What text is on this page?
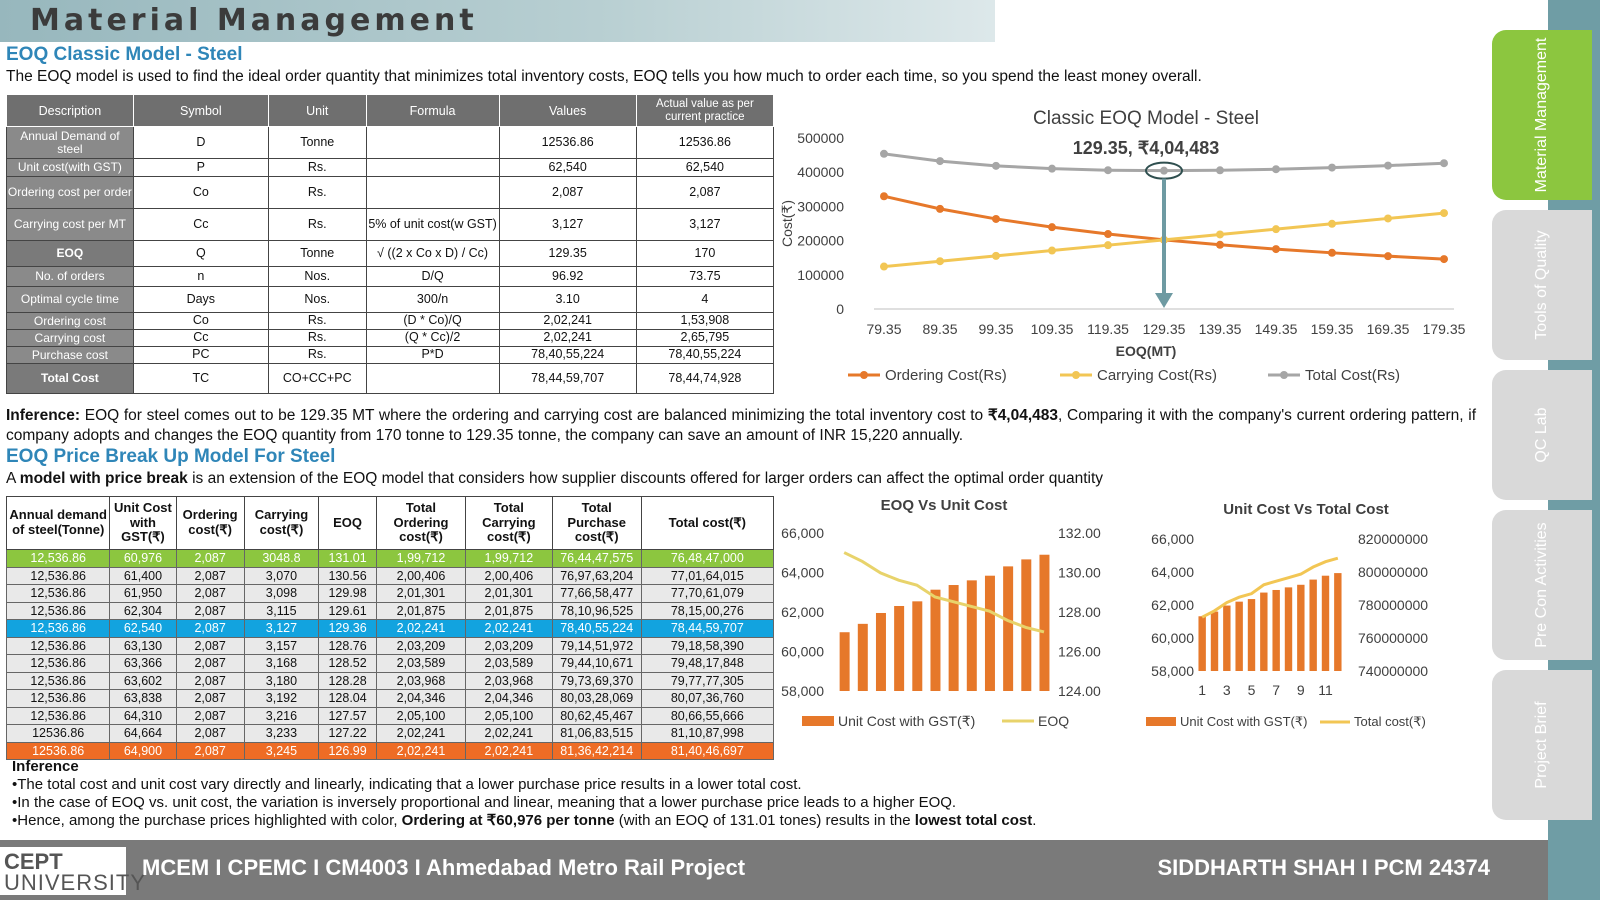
Material Management
EOQ Classic Model - Steel
The EOQ model is used to find the ideal order quantity that minimizes total inventory costs, EOQ tells you how much to order each time, so you spend the least money overall.
Description	Symbol	Unit	Formula	Values	Actual value as per current practice
Annual Demand of steel	D	Tonne		12536.86	12536.86
Unit cost(with GST)	P	Rs.		62,540	62,540
Ordering cost per order	Co	Rs.		2,087	2,087
Carrying cost per MT	Cc	Rs.	5% of unit cost(w GST)	3,127	3,127
EOQ	Q	Tonne	√ ((2 x Co x D) / Cc)	129.35	170
No. of orders	n	Nos.	D/Q	96.92	73.75
Optimal cycle time	Days	Nos.	300/n	3.10	4
Ordering cost	Co	Rs.	(D * Co)/Q	2,02,241	1,53,908
Carrying cost	Cc	Rs.	(Q * Cc)/2	2,02,241	2,65,795
Purchase cost	PC	Rs.	P*D	78,40,55,224	78,40,55,224
Total Cost	TC	CO+CC+PC		78,44,59,707	78,44,74,928
Classic EOQ Model - Steel
129.35, ₹4,04,483
500000
400000
300000
200000
100000
0
79.35 89.35 99.35 109.35 119.35 129.35 139.35 149.35 159.35 169.35 179.35
EOQ(MT)
Cost(₹)
Ordering Cost(Rs)	Carrying Cost(Rs)	Total Cost(Rs)
Inference: EOQ for steel comes out to be 129.35 MT where the ordering and carrying cost are balanced minimizing the total inventory cost to ₹4,04,483, Comparing it with the company's current ordering pattern, if company adopts and changes the EOQ quantity from 170 tonne to 129.35 tonne, the company can save an amount of INR 15,220 annually.
EOQ Price Break Up Model For Steel
A model with price break is an extension of the EOQ model that considers how supplier discounts offered for larger orders can affect the optimal order quantity
Annual demand of steel(Tonne)	Unit Cost with GST(₹)	Ordering cost(₹)	Carrying cost(₹)	EOQ	Total Ordering cost(₹)	Total Carrying cost(₹)	Total Purchase cost(₹)	Total cost(₹)
12,536.86	60,976	2,087	3048.8	131.01	1,99,712	1,99,712	76,44,47,575	76,48,47,000
12,536.86	61,400	2,087	3,070	130.56	2,00,406	2,00,406	76,97,63,204	77,01,64,015
12,536.86	61,950	2,087	3,098	129.98	2,01,301	2,01,301	77,66,58,477	77,70,61,079
12,536.86	62,304	2,087	3,115	129.61	2,01,875	2,01,875	78,10,96,525	78,15,00,276
12,536.86	62,540	2,087	3,127	129.36	2,02,241	2,02,241	78,40,55,224	78,44,59,707
12,536.86	63,130	2,087	3,157	128.76	2,03,209	2,03,209	79,14,51,972	79,18,58,390
12,536.86	63,366	2,087	3,168	128.52	2,03,589	2,03,589	79,44,10,671	79,48,17,848
12,536.86	63,602	2,087	3,180	128.28	2,03,968	2,03,968	79,73,69,370	79,77,77,305
12,536.86	63,838	2,087	3,192	128.04	2,04,346	2,04,346	80,03,28,069	80,07,36,760
12,536.86	64,310	2,087	3,216	127.57	2,05,100	2,05,100	80,62,45,467	80,66,55,666
12536.86	64,664	2,087	3,233	127.22	2,02,241	2,02,241	81,06,83,515	81,10,87,998
12536.86	64,900	2,087	3,245	126.99	2,02,241	2,02,241	81,36,42,214	81,40,46,697
EOQ Vs Unit Cost
66,000	132.00
64,000	130.00
62,000	128.00
60,000	126.00
58,000	124.00
Unit Cost with GST(₹)	EOQ
Unit Cost Vs Total Cost
66,000	820000000
64,000	800000000
62,000	780000000
60,000	760000000
58,000	740000000
1 3 5 7 9 11
Unit Cost with GST(₹)	Total cost(₹)
Inference
• The total cost and unit cost vary directly and linearly, indicating that a lower purchase price results in a lower total cost.
• In the case of EOQ vs. unit cost, the variation is inversely proportional and linear, meaning that a lower purchase price leads to a higher EOQ.
• Hence, among the purchase prices highlighted with color, Ordering at ₹60,976 per tonne (with an EOQ of 131.01 tones) results in the lowest total cost.
CEPT
UNIVERSITY
MCEM I CPEMC I CM4003 I Ahmedabad Metro Rail Project	SIDDHARTH SHAH I PCM 24374
Material Management
Tools of Quality
QC Lab
Pre Con Activities
Project Brief
